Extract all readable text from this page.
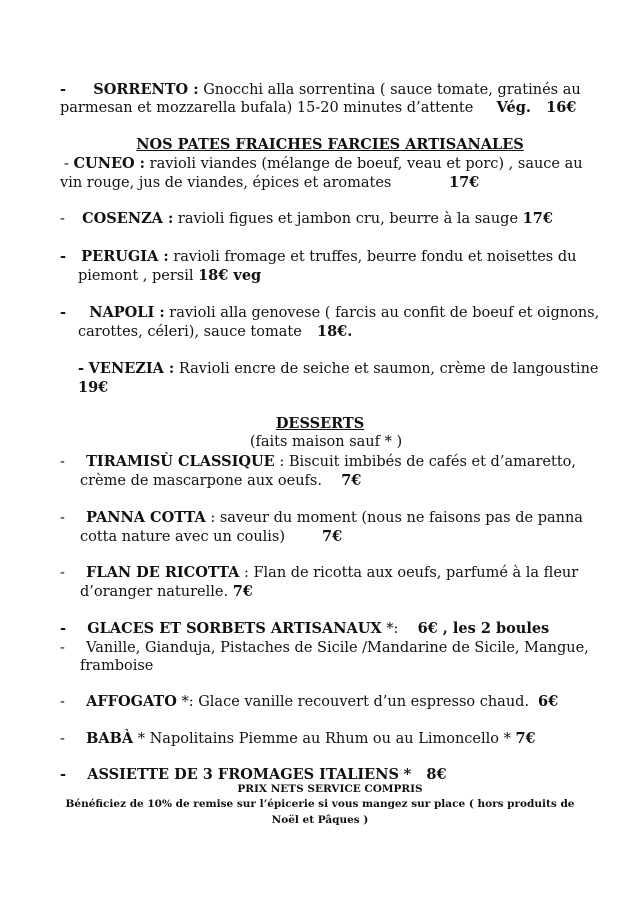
- SORRENTO : Gnocchi alla sorrentina ( sauce tomate, gratinés au
parmesan et mozzarella bufala) 15-20 minutes d’attente Vég. 16€
NOS PATES FRAICHES FARCIES ARTISANALES
- CUNEO : ravioli viandes (mélange de boeuf, veau et porc) , sauce au
vin rouge, jus de viandes, épices et aromates	17€
- COSENZA : ravioli figues et jambon cru, beurre à la sauge 17€
- PERUGIA : ravioli fromage et truffes, beurre fondu et noisettes du
piemont , persil 18€ veg
- NAPOLI : ravioli alla genovese ( farcis au confit de boeuf et oignons,
carottes, céleri), sauce tomate 18€.
- VENEZIA : Ravioli encre de seiche et saumon, crème de langoustine
19€
DESSERTS
(faits maison sauf * )
- TIRAMISÙ CLASSIQUE : Biscuit imbibés de cafés et d’amaretto,
crème de mascarpone aux oeufs. 7€
- PANNA COTTA : saveur du moment (nous ne faisons pas de panna
cotta nature avec un coulis)	7€
- FLAN DE RICOTTA : Flan de ricotta aux oeufs, parfumé à la fleur
d’oranger naturelle. 7€
- GLACES ET SORBETS ARTISANAUX *: 6€ , les 2 boules
- Vanille, Gianduja, Pistaches de Sicile /Mandarine de Sicile, Mangue,
framboise
- AFFOGATO *: Glace vanille recouvert d’un espresso chaud. 6€
- BABÀ * Napolitains Piemme au Rhum ou au Limoncello * 7€
- ASSIETTE DE 3 FROMAGES ITALIENS * 8€
PRIX NETS SERVICE COMPRIS
Bénéficiez de 10% de remise sur l’épicerie si vous mangez sur place ( hors produits de
Noël et Pâques )
